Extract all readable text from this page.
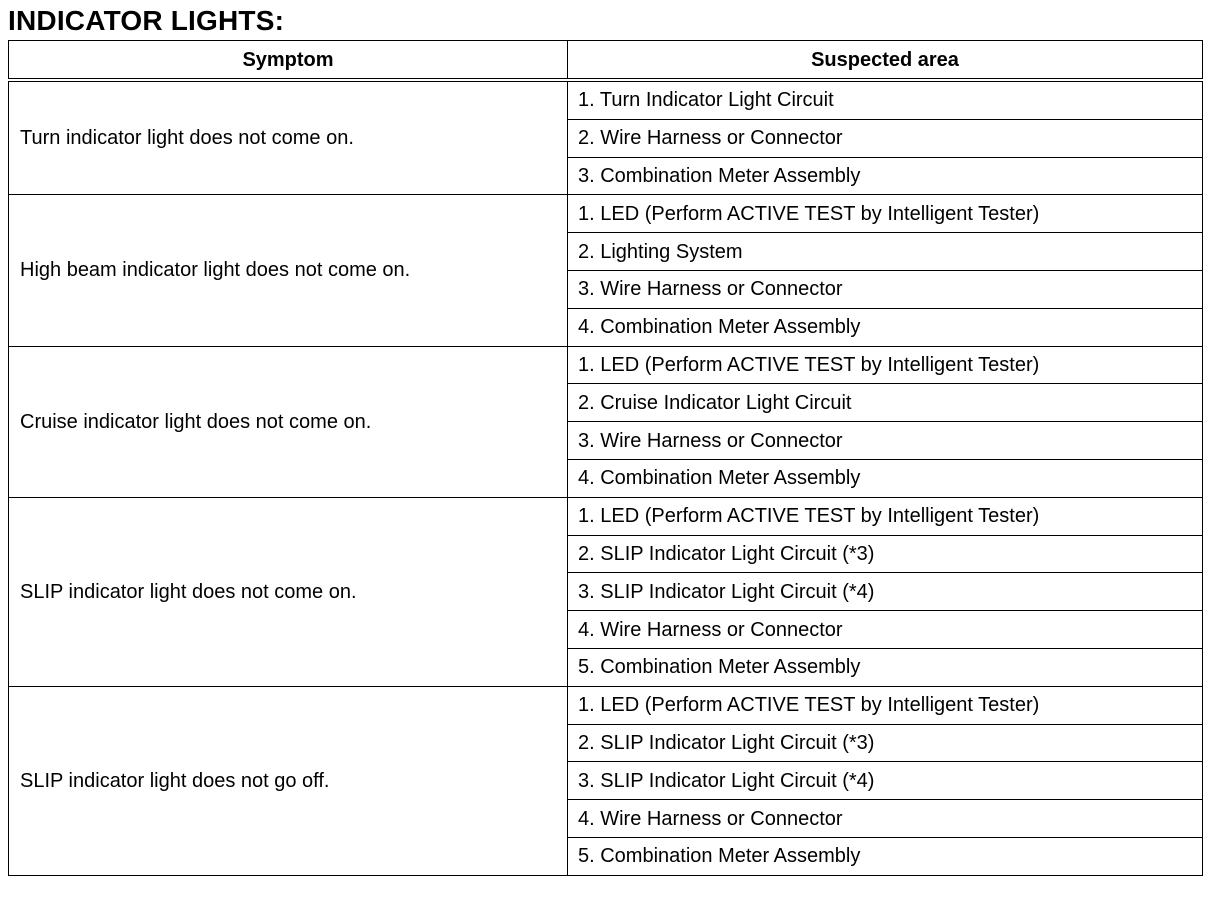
INDICATOR LIGHTS:
Symptom	Suspected area
Turn indicator light does not come on.	1. Turn Indicator Light Circuit
	2. Wire Harness or Connector
	3. Combination Meter Assembly
High beam indicator light does not come on.	1. LED (Perform ACTIVE TEST by Intelligent Tester)
	2. Lighting System
	3. Wire Harness or Connector
	4. Combination Meter Assembly
Cruise indicator light does not come on.	1. LED (Perform ACTIVE TEST by Intelligent Tester)
	2. Cruise Indicator Light Circuit
	3. Wire Harness or Connector
	4. Combination Meter Assembly
SLIP indicator light does not come on.	1. LED (Perform ACTIVE TEST by Intelligent Tester)
	2. SLIP Indicator Light Circuit (*3)
	3. SLIP Indicator Light Circuit (*4)
	4. Wire Harness or Connector
	5. Combination Meter Assembly
SLIP indicator light does not go off.	1. LED (Perform ACTIVE TEST by Intelligent Tester)
	2. SLIP Indicator Light Circuit (*3)
	3. SLIP Indicator Light Circuit (*4)
	4. Wire Harness or Connector
	5. Combination Meter Assembly
